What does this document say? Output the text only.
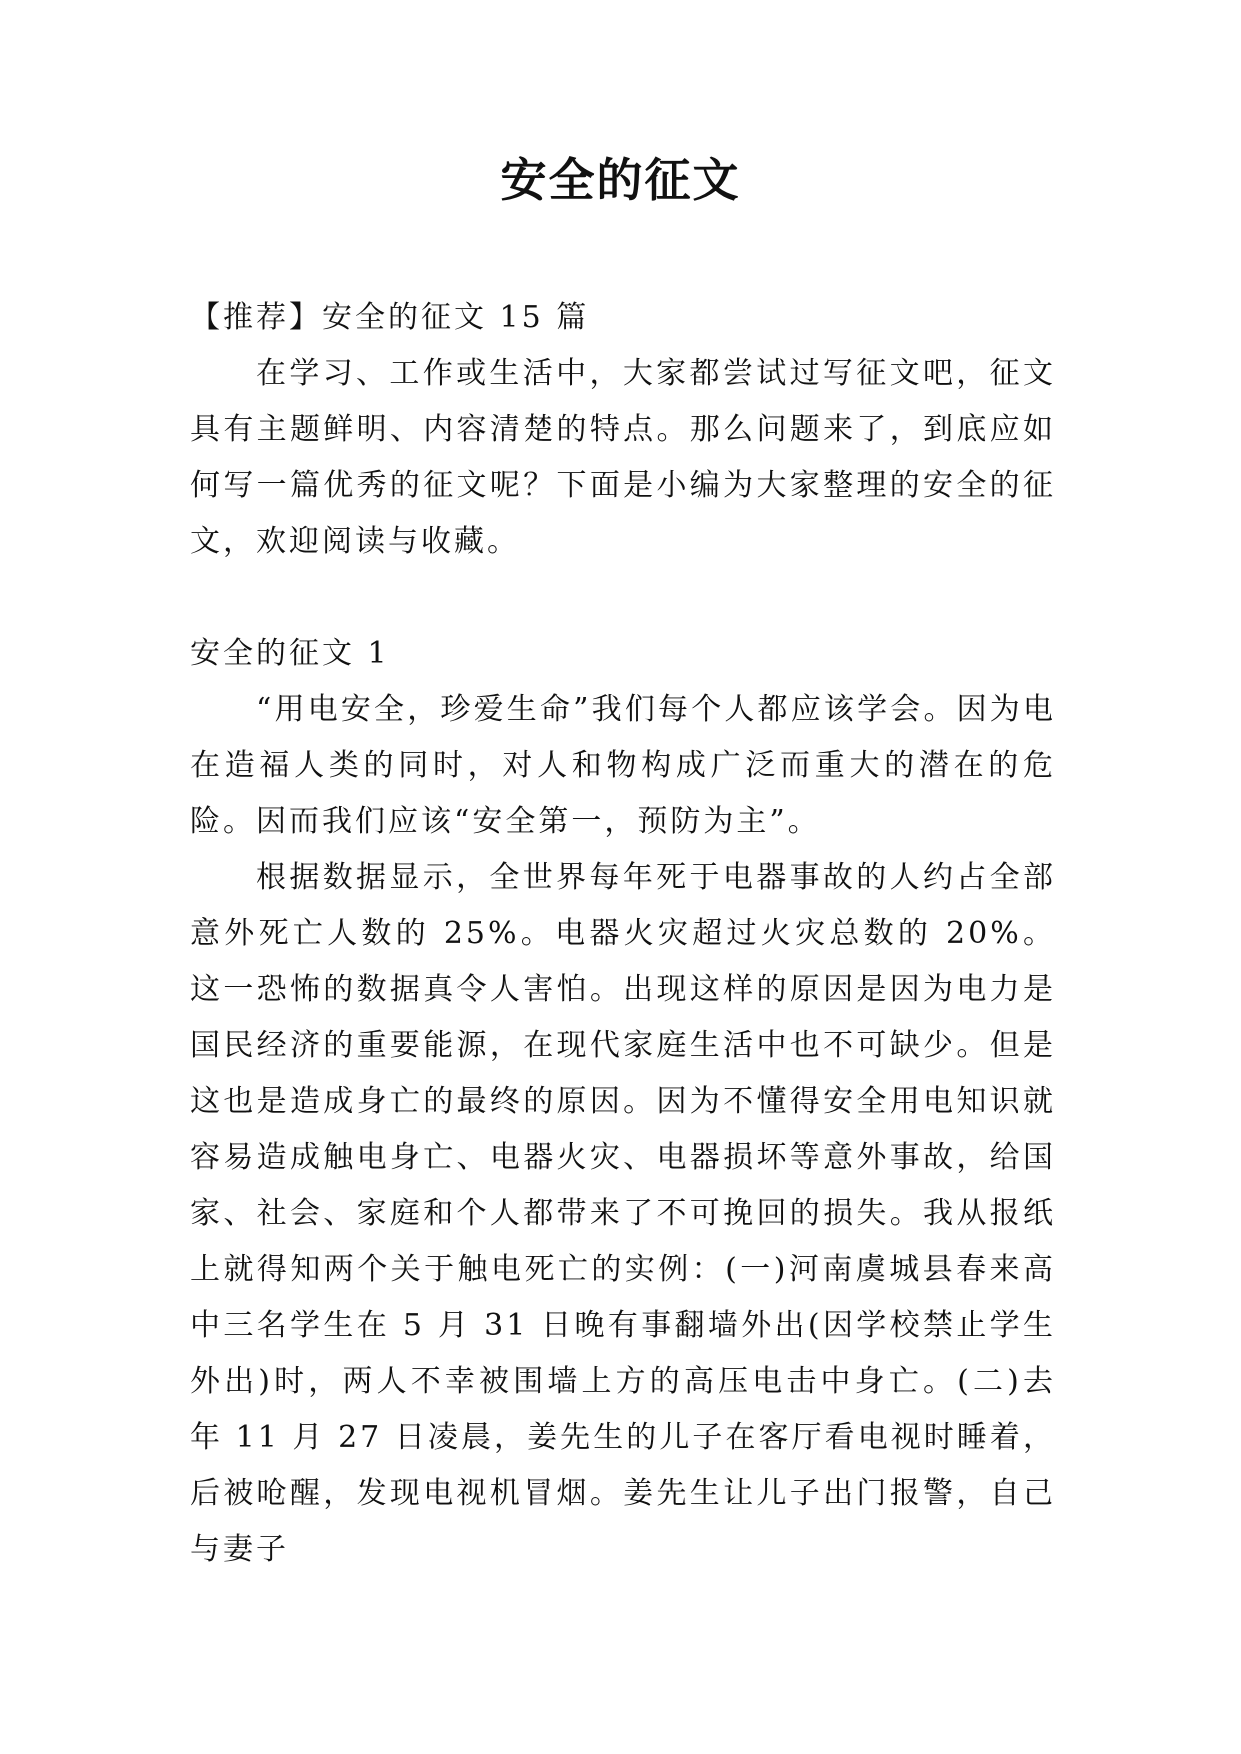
安全的征文

【推荐】安全的征文 15 篇

在学习、工作或生活中，大家都尝试过写征文吧，征文具有主题鲜明、内容清楚的特点。那么问题来了，到底应如何写一篇优秀的征文呢？下面是小编为大家整理的安全的征文，欢迎阅读与收藏。

安全的征文 1

“用电安全，珍爱生命”我们每个人都应该学会。因为电在造福人类的同时，对人和物构成广泛而重大的潜在的危险。因而我们应该“安全第一，预防为主”。

根据数据显示，全世界每年死于电器事故的人约占全部意外死亡人数的 25%。电器火灾超过火灾总数的 20%。这一恐怖的数据真令人害怕。出现这样的原因是因为电力是国民经济的重要能源，在现代家庭生活中也不可缺少。但是这也是造成身亡的最终的原因。因为不懂得安全用电知识就容易造成触电身亡、电器火灾、电器损坏等意外事故，给国家、社会、家庭和个人都带来了不可挽回的损失。我从报纸上就得知两个关于触电死亡的实例：(一)河南虞城县春来高中三名学生在 5 月 31 日晚有事翻墙外出(因学校禁止学生外出)时，两人不幸被围墙上方的高压电击中身亡。(二)去年 11 月 27 日凌晨，姜先生的儿子在客厅看电视时睡着，后被呛醒，发现电视机冒烟。姜先生让儿子出门报警，自己与妻子
